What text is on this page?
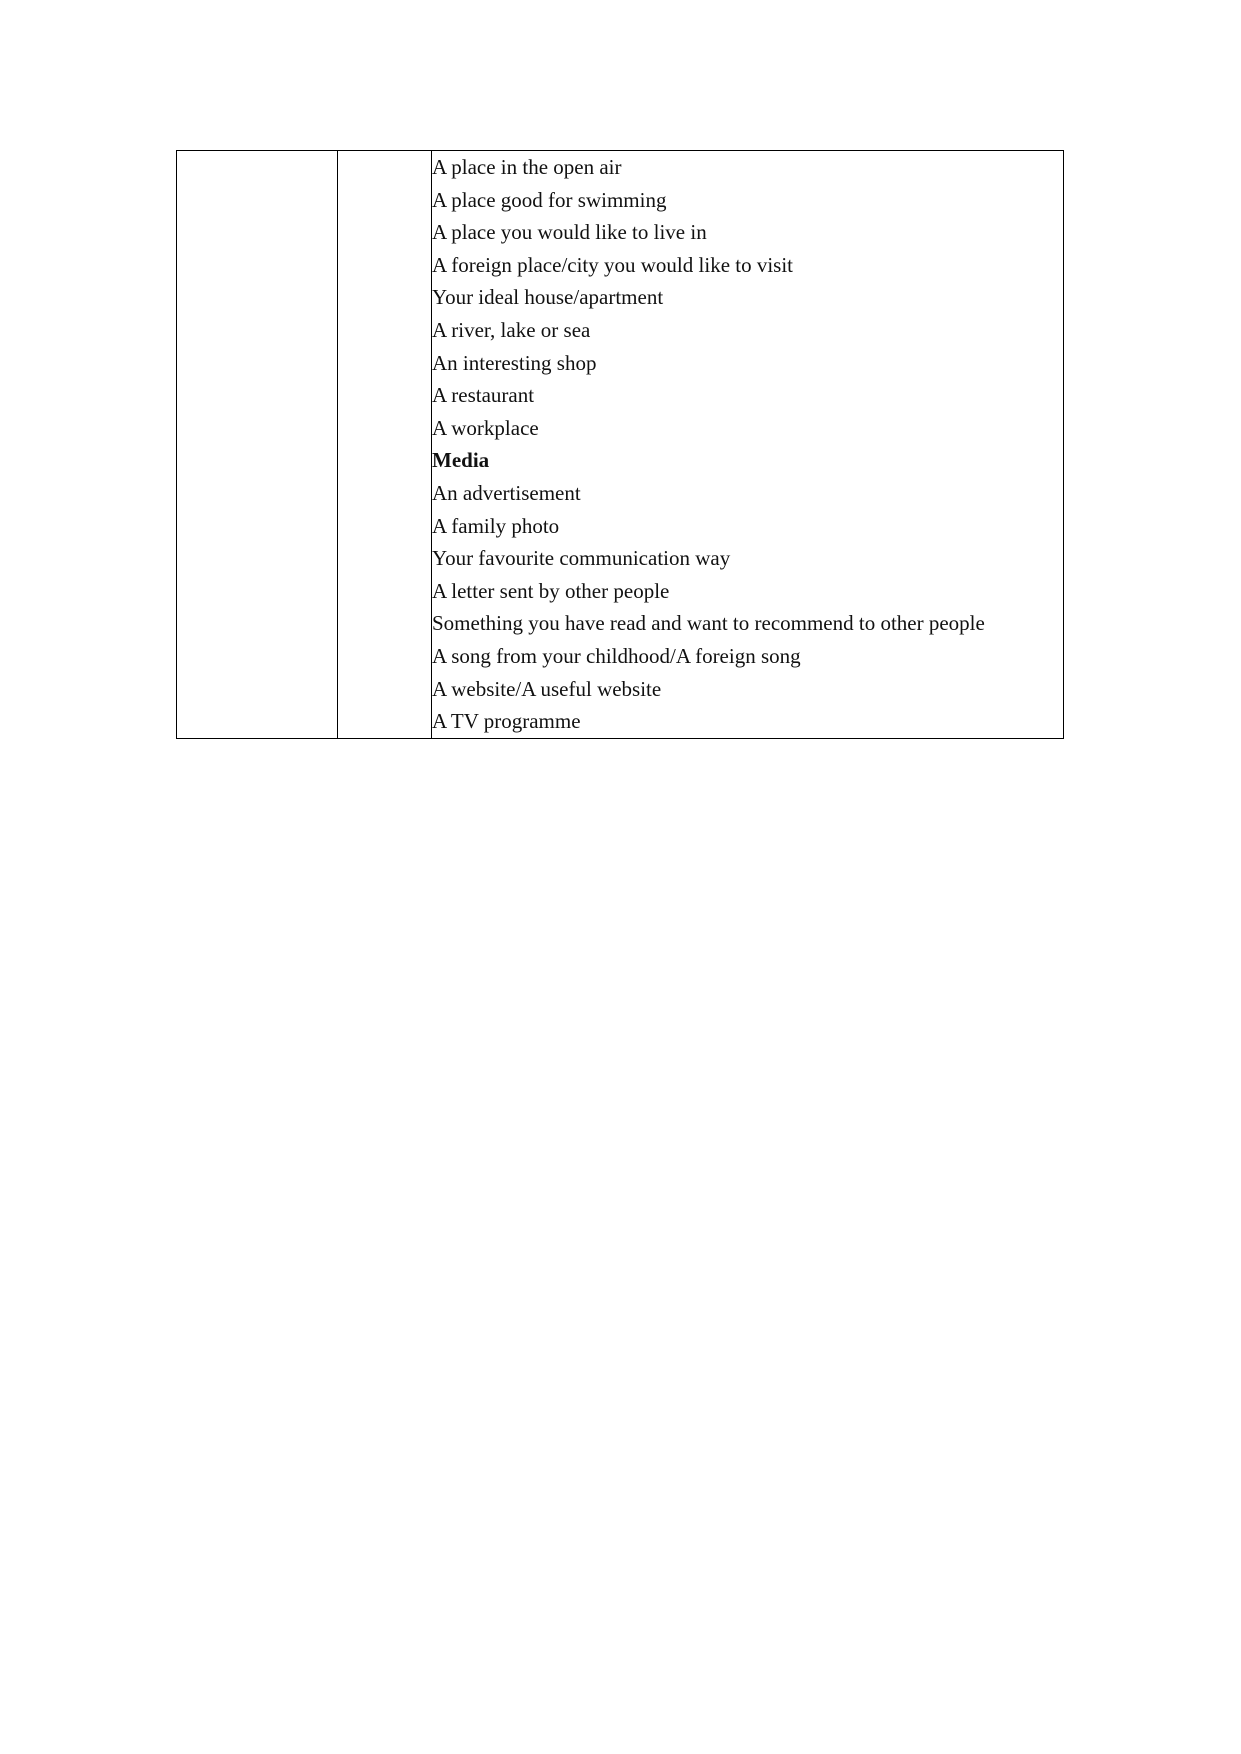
A place in the open air
A place good for swimming
A place you would like to live in
A foreign place/city you would like to visit
Your ideal house/apartment
A river, lake or sea
An interesting shop
A restaurant
A workplace
Media
An advertisement
A family photo
Your favourite communication way
A letter sent by other people
Something you have read and want to recommend to other people
A song from your childhood/A foreign song
A website/A useful website
A TV programme
